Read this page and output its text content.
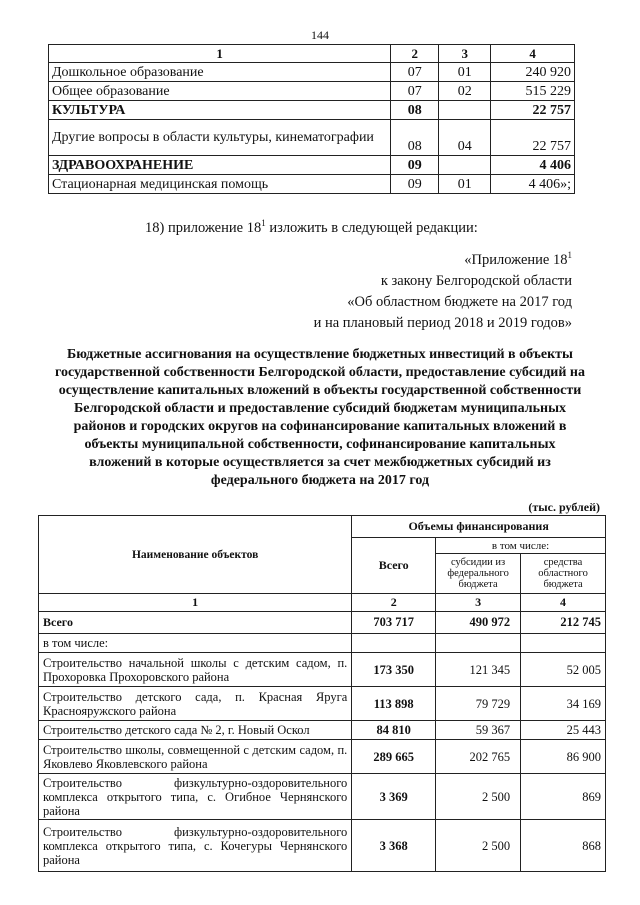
144
1	2	3	4
Дошкольное образование	07	01	240 920
Общее образование	07	02	515 229
КУЛЬТУРА	08		22 757
Другие вопросы в области культуры, кинематографии	08	04	22 757
ЗДРАВООХРАНЕНИЕ	09		4 406
Стационарная медицинская помощь	09	01	4 406»;
18) приложение $18^1$ изложить в следующей редакции:
«Приложение $18^1$
к закону Белгородской области
«Об областном бюджете на 2017 год
и на плановый период 2018 и 2019 годов»
Бюджетные ассигнования на осуществление бюджетных инвестиций в объекты государственной собственности Белгородской области, предоставление субсидий на осуществление капитальных вложений в объекты государственной собственности Белгородской области и предоставление субсидий бюджетам муниципальных районов и городских округов на софинансирование капитальных вложений в объекты муниципальной собственности, софинансирование капитальных вложений в которые осуществляется за счет межбюджетных субсидий из федерального бюджета на 2017 год
(тыс. рублей)
Наименование объектов	Объемы финансирования		
	Всего	в том числе:	
		субсидии из федерального бюджета	средства областного бюджета
1	2	3	4
Всего	703 717	490 972	212 745
в том числе:			
Строительство начальной школы с детским садом, п. Прохоровка Прохоровского района	173 350	121 345	52 005
Строительство детского сада, п. Красная Яруга Краснояружского района	113 898	79 729	34 169
Строительство детского сада № 2, г. Новый Оскол	84 810	59 367	25 443
Строительство школы, совмещенной с детским садом, п. Яковлево Яковлевского района	289 665	202 765	86 900
Строительство физкультурно-оздоровительного комплекса открытого типа, с. Огибное Чернянского района	3 369	2 500	869
Строительство физкультурно-оздоровительного комплекса открытого типа, с. Кочегуры Чернянского района	3 368	2 500	868
